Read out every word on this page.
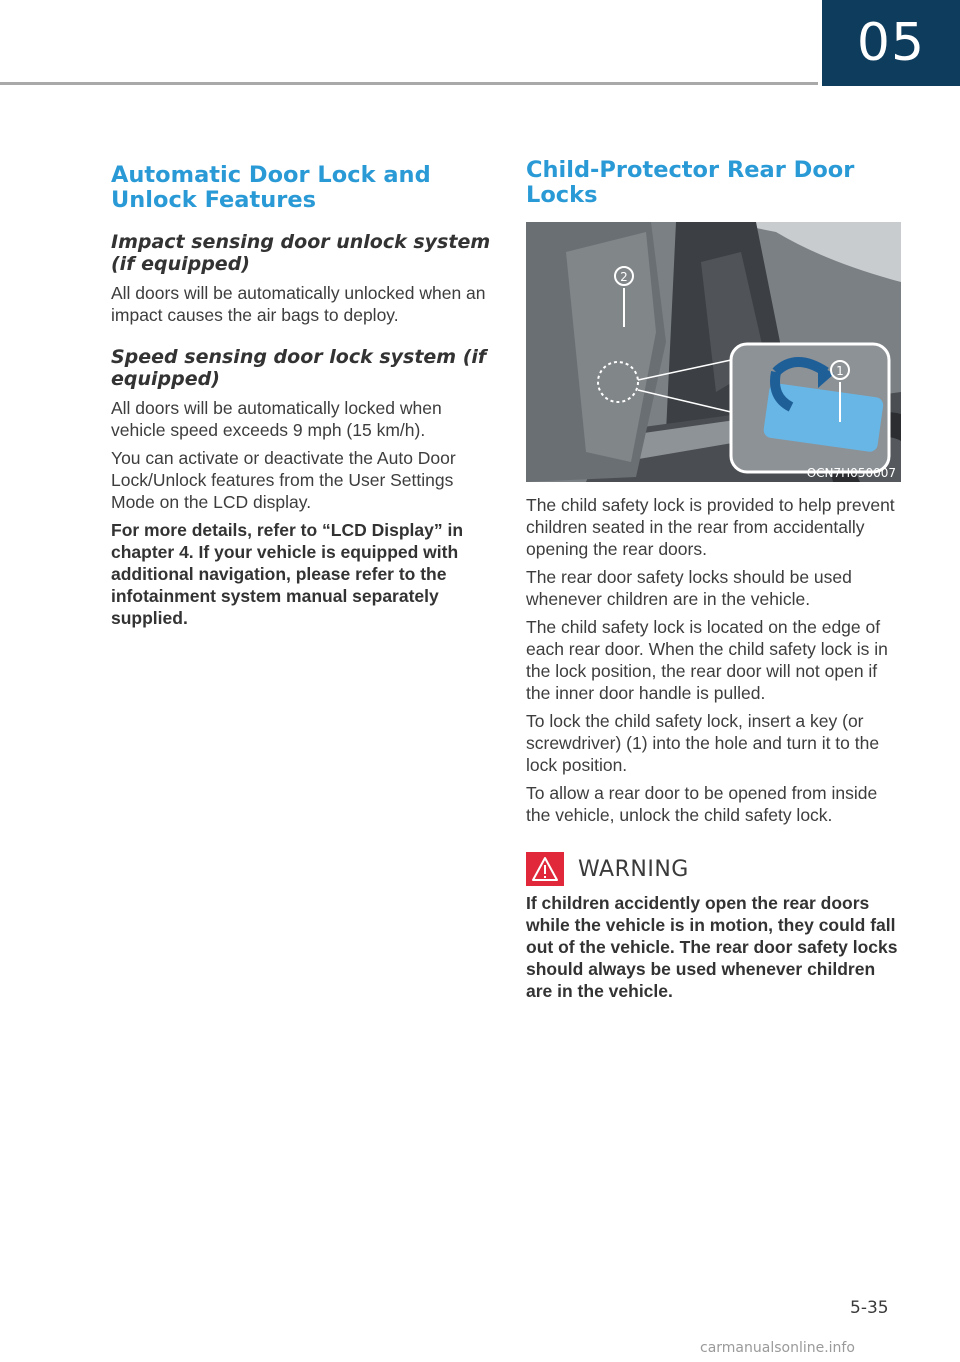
05
Automatic Door Lock and Unlock Features
Impact sensing door unlock system (if equipped)

All doors will be automatically unlocked when an impact causes the air bags to deploy.

Speed sensing door lock system (if equipped)

All doors will be automatically locked when vehicle speed exceeds 9 mph (15 km/h).

You can activate or deactivate the Auto Door Lock/Unlock features from the User Settings Mode on the LCD display.

For more details, refer to “LCD Display” in chapter 4. If your vehicle is equipped with additional navigation, please refer to the infotainment system manual separately supplied.

Child-Protector Rear Door Locks
2
1
OCN7H050007

The child safety lock is provided to help prevent children seated in the rear from accidentally opening the rear doors.

The rear door safety locks should be used whenever children are in the vehicle.

The child safety lock is located on the edge of each rear door. When the child safety lock is in the lock position, the rear door will not open if the inner door handle is pulled.

To lock the child safety lock, insert a key (or screwdriver) (1) into the hole and turn it to the lock position.

To allow a rear door to be opened from inside the vehicle, unlock the child safety lock.

WARNING

If children accidently open the rear doors while the vehicle is in motion, they could fall out of the vehicle. The rear door safety locks should always be used whenever children are in the vehicle.

5-35
carmanualsonline.info
